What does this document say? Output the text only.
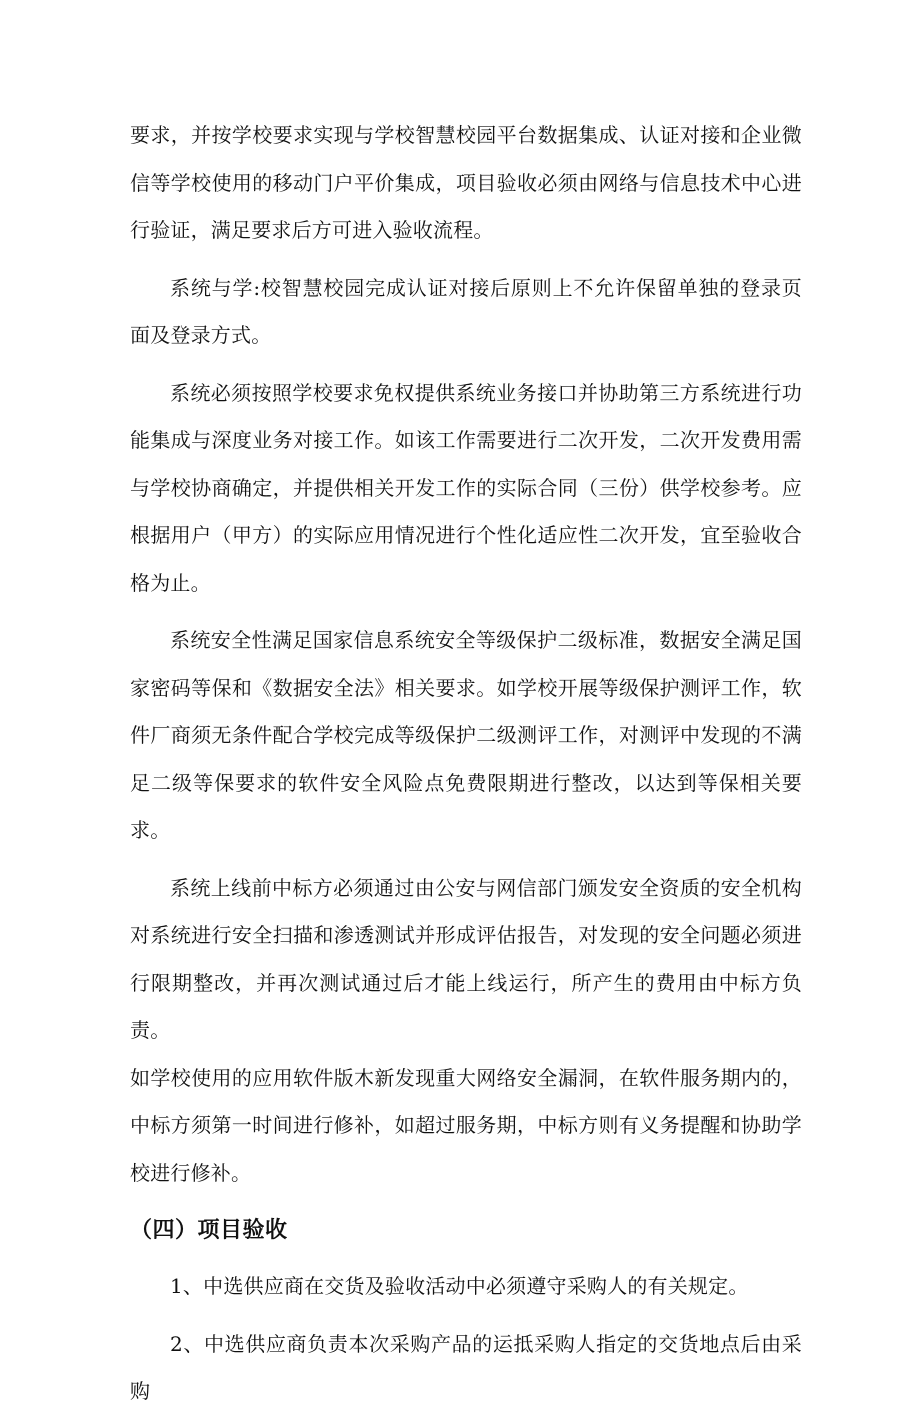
要求，并按学校要求实现与学校智慧校园平台数据集成、认证对接和企业微信等学校使用的移动门户平价集成，项目验收必须由网络与信息技术中心进行验证，满足要求后方可进入验收流程。

系统与学:校智慧校园完成认证对接后原则上不允许保留单独的登录页面及登录方式。

系统必须按照学校要求免权提供系统业务接口并协助第三方系统进行功能集成与深度业务对接工作。如该工作需要进行二次开发，二次开发费用需与学校协商确定，并提供相关开发工作的实际合同（三份）供学校参考。应根据用户（甲方）的实际应用情况进行个性化适应性二次开发，宜至验收合格为止。

系统安全性满足国家信息系统安全等级保护二级标准，数据安全满足国家密码等保和《数据安全法》相关要求。如学校开展等级保护测评工作，软件厂商须无条件配合学校完成等级保护二级测评工作，对测评中发现的不满足二级等保要求的软件安全风险点免费限期进行整改，以达到等保相关要求。

系统上线前中标方必须通过由公安与网信部门颁发安全资质的安全机构对系统进行安全扫描和渗透测试并形成评估报告，对发现的安全问题必须进行限期整改，并再次测试通过后才能上线运行，所产生的费用由中标方负责。

如学校使用的应用软件版木新发现重大网络安全漏洞，在软件服务期内的，中标方须第一时间进行修补，如超过服务期，中标方则有义务提醒和协助学校进行修补。

（四）项目验收

1、中选供应商在交货及验收活动中必须遵守采购人的有关规定。

2、中选供应商负责本次采购产品的运抵采购人指定的交货地点后由采购
